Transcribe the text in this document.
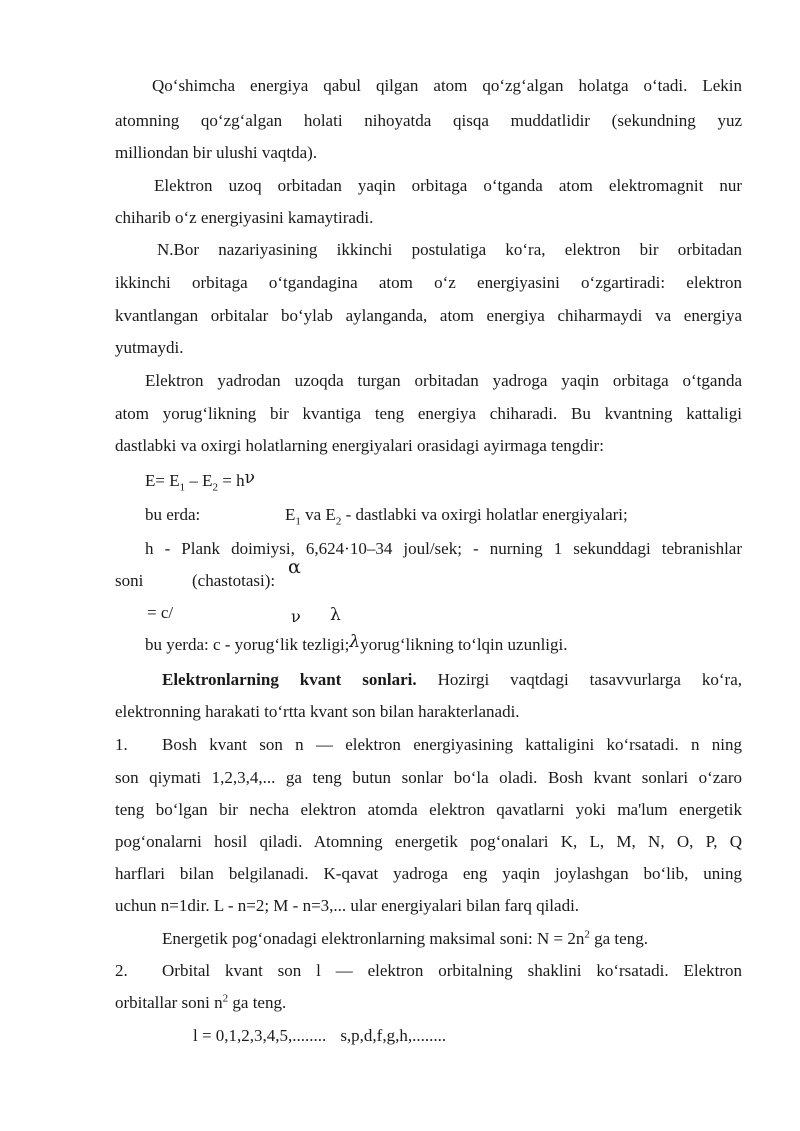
Qo‘shimcha energiya qabul qilgan atom qo‘zg‘algan holatga o‘tadi. Lekin
atomning qo‘zg‘algan holati nihoyatda qisqa muddatlidir (sekundning yuz
milliondan bir ulushi vaqtda).
Elektron uzoq orbitadan yaqin orbitaga o‘tganda atom elektromagnit nur
chiharib o‘z energiyasini kamaytiradi.
N.Bor nazariyasining ikkinchi postulatiga ko‘ra, elektron bir orbitadan
ikkinchi orbitaga o‘tgandagina atom o‘z energiyasini o‘zgartiradi: elektron
kvantlangan orbitalar bo‘ylab aylanganda, atom energiya chiharmaydi va energiya
yutmaydi.
Elektron yadrodan uzoqda turgan orbitadan yadroga yaqin orbitaga o‘tganda
atom yorug‘likning bir kvantiga teng energiya chiharadi. Bu kvantning kattaligi
dastlabki va oxirgi holatlarning energiyalari orasidagi ayirmaga tengdir:
$E= E_1 - E_2 = h\nu$
bu erda:	$E_1$ va $E_2$ - dastlabki va oxirgi holatlar energiyalari;
h - Plank doimiysi, 6,624·10–34 joul/sek; - nurning 1 sekunddagi tebranishlar
soni	(chastotasi):
α
= c/	ν λ
bu yerda: c - yorug‘lik tezligi;λyorug‘likning to‘lqin uzunligi.
Elektronlarning kvant sonlari. Hozirgi vaqtdagi tasavvurlarga ko‘ra,
elektronning harakati to‘rtta kvant son bilan harakterlanadi.
1. Bosh kvant son n — elektron energiyasining kattaligini ko‘rsatadi. n ning
son qiymati 1,2,3,4,... ga teng butun sonlar bo‘la oladi. Bosh kvant sonlari o‘zaro
teng bo‘lgan bir necha elektron atomda elektron qavatlarni yoki ma'lum energetik
pog‘onalarni hosil qiladi. Atomning energetik pog‘onalari K, L, M, N, O, P, Q
harflari bilan belgilanadi. K-qavat yadroga eng yaqin joylashgan bo‘lib, uning
uchun n=1dir. L - n=2; M - n=3,... ular energiyalari bilan farq qiladi.
Energetik pog‘onadagi elektronlarning maksimal soni: $N = 2n^2$ ga teng.
2. Orbital kvant son l — elektron orbitalning shaklini ko‘rsatadi. Elektron
orbitallar soni $n^2$ ga teng.
l = 0,1,2,3,4,5,........ s,p,d,f,g,h,........
